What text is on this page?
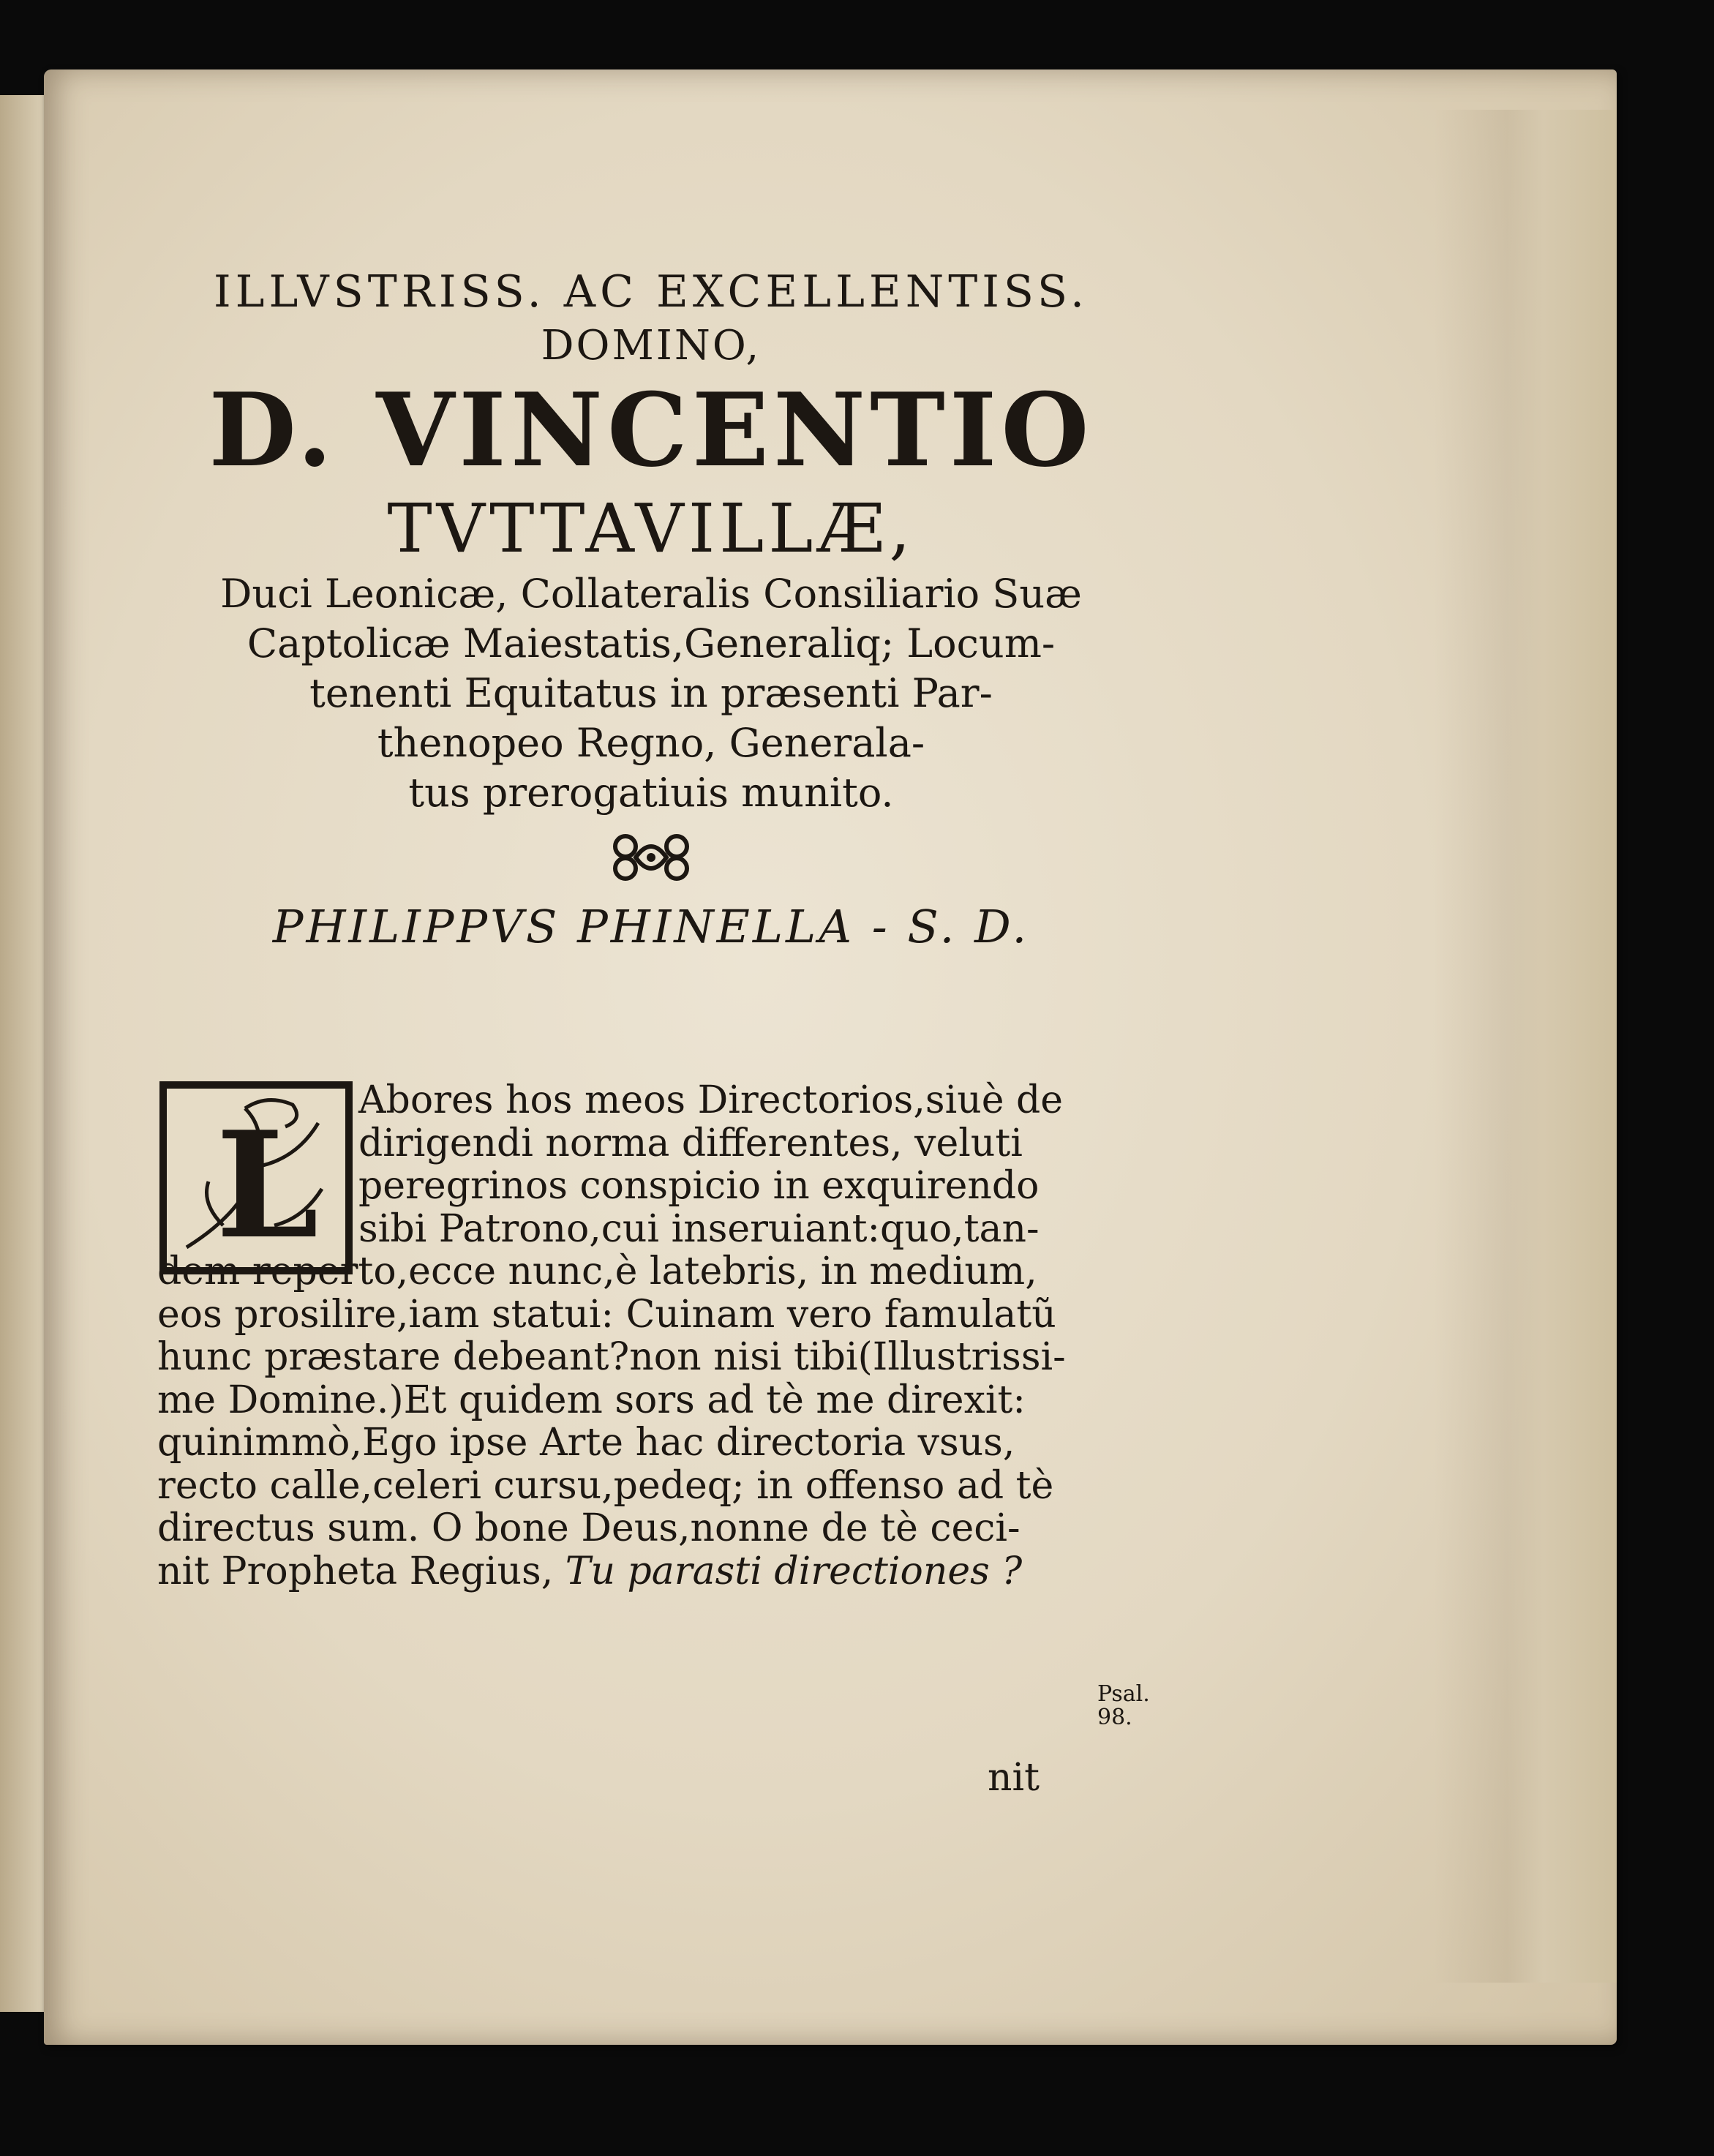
ILLVSTRISS. AC EXCELLENTISS.
DOMINO,
D. VINCENTIO
TVTTAVILLÆ,
Duci Leonicæ, Collateralis Consiliario Suæ
Captolicæ Maiestatis,Generaliq; Locum-
tenenti Equitatus in præsenti Par-
thenopeo Regno, Generala-
tus prerogatiuis munito.
PHILIPPVS PHINELLA - S. D.
L	Abores hos meos Directorios,siuè de
dirigendi norma differentes, veluti
peregrinos conspicio in exquirendo
sibi Patrono,cui inseruiant:quo,tan-
dem reperto,ecce nunc,è latebris, in medium,
eos prosilire,iam statui: Cuinam vero famulatũ
hunc præstare debeant?non nisi tibi(Illustrissi-
me Domine.)Et quidem sors ad tè me direxit:
quinimmò,Ego ipse Arte hac directoria vsus,
recto calle,celeri cursu,pedeq; in offenso ad tè
directus sum. O bone Deus,nonne de tè ceci-
nit Propheta Regius, Tu parasti directiones ?
Psal.
98.
nit
